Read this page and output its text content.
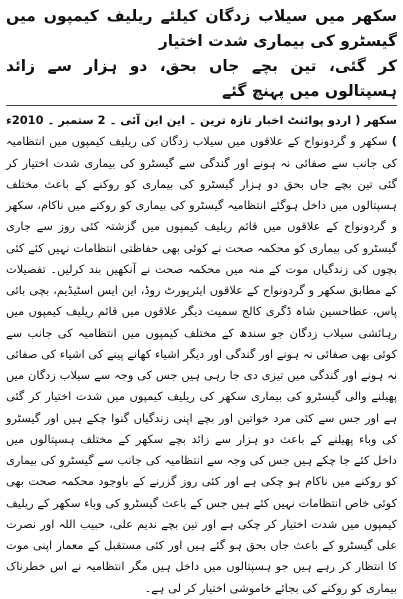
سکھر میں سیلاب زدگان کیلئے ریلیف کیمپوں میں گیسٹرو کی بیماری شدت اختیار
کر گئی، تین بچے جاں بحق، دو ہزار سے زائد ہسپتالوں میں پہنچ گئے
سکھر ( اردو پوائنٹ اخبار تازہ ترین ۔ این این آئی ۔ 2 ستمبر ۔ 2010ء ) سکھر و گردونواح کے علاقوں میں سیلاب زدگان کی ریلیف کیمپوں میں انتظامیہ کی جانب سے صفائی نہ ہونے اور گندگی سے گیسٹرو کی بیماری شدت اختیار کر گئی تین بچے جاں بحق دو ہزار گیسٹرو کی بیماری کو روکنے کے باعث مختلف ہسپتالوں میں داخل ہوگئے انتظامیہ گیسٹرو کی بیماری کو روکنے میں ناکام، سکھر و گردونواح کے علاقوں میں قائم ریلیف کیمپوں میں گزشتہ کئی روز سے جاری گیسٹرو کی بیماری کو محکمہ صحت نے کوئی بھی حفاظتی انتظامات نہیں کئے کئی بچوں کی زندگیاں موت کے منہ میں محکمہ صحت نے آنکھیں بند کرلیں۔ تفصیلات کے مطابق سکھر و گردونواح کے علاقوں ایئرپورٹ روڈ، این ایس اسٹیڈیم، بچی بائی پاس، عطاحسین شاہ ڈگری کالج سمیت دیگر علاقوں میں قائم ریلیف کیمپوں میں رہائشی سیلاب زدگان جو سندھ کے مختلف کیمپوں میں انتظامیہ کی جانب سے کوئی بھی صفائی نہ ہونے اور گندگی اور دیگر اشیاء کھانے پینے کی اشیاء کی صفائی نہ ہونے اور گندگی میں تیزی دی جا رہی ہیں جس کی وجہ سے سیلاب زدگان میں پھیلنے والی گیسٹرو کی بیماری سکھر کی ریلیف کیمپوں میں شدت اختیار کر گئی ہے اور جس سے کئی مرد خواتین اور بچے اپنی زندگیاں گنوا چکے ہیں اور گیسٹرو کی وباء پھیلنے کے باعث دو ہزار سے زائد بچے سکھر کے مختلف ہسپتالوں میں داخل کئے جا چکے ہیں جس کی وجہ سے انتظامیہ کی جانب سے گیسٹرو کی بیماری کو روکنے میں ناکام ہو چکی ہے اور کئی روز گزرنے کے باوجود محکمہ صحت بھی کوئی خاص انتظامات نہیں کئے ہیں جس کے باعث گیسٹرو کی وباء سکھر کے ریلیف کیمپوں میں شدت اختیار کر چکی ہے اور تین بچے ندیم علی، حبیب اللہ اور نصرت علی گیسٹرو کے باعث جاں بحق ہو گئے ہیں اور کئی مستقبل کے معمار اپنی موت کا انتظار کر رہے ہیں جو ہسپتالوں میں داخل ہیں مگر انتظامیہ نے اس خطرناک بیماری کو روکنے کی بجائے خاموشی اختیار کر لی ہے۔
